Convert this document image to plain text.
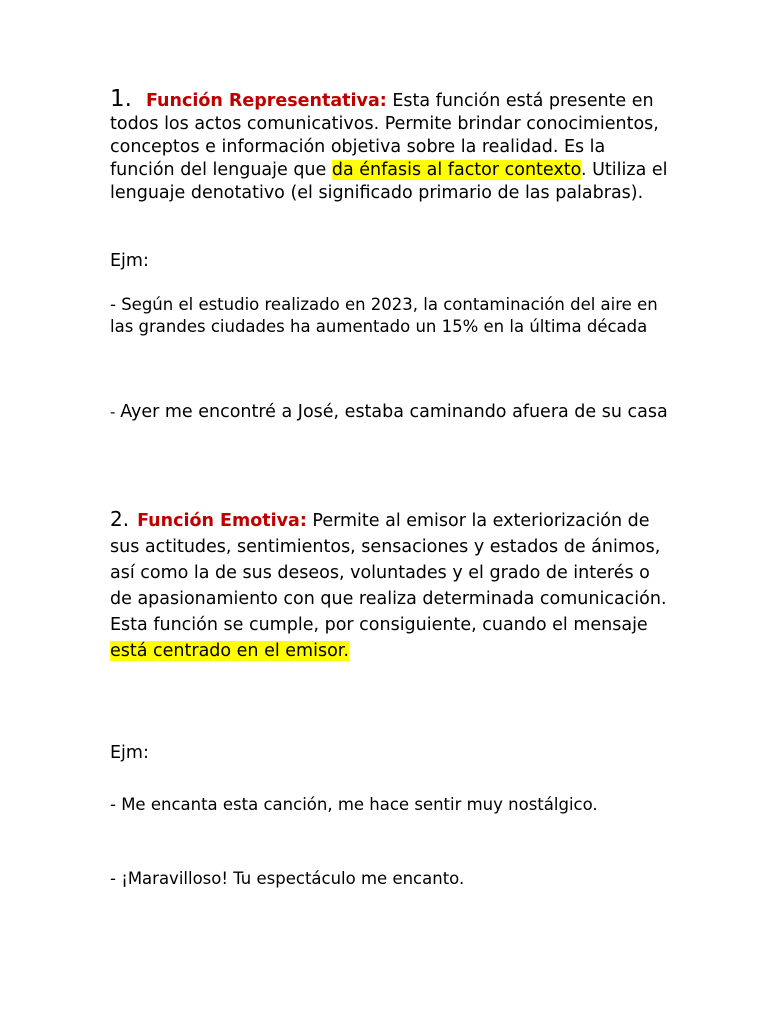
1. Función Representativa: Esta función está presente en todos los actos comunicativos. Permite brindar conocimientos, conceptos e información objetiva sobre la realidad. Es la función del lenguaje que da énfasis al factor contexto. Utiliza el lenguaje denotativo (el significado primario de las palabras).
Ejm:
- Según el estudio realizado en 2023, la contaminación del aire en las grandes ciudades ha aumentado un 15% en la última década
- Ayer me encontré a José, estaba caminando afuera de su casa
2. Función Emotiva: Permite al emisor la exteriorización de sus actitudes, sentimientos, sensaciones y estados de ánimos, así como la de sus deseos, voluntades y el grado de interés o de apasionamiento con que realiza determinada comunicación. Esta función se cumple, por consiguiente, cuando el mensaje está centrado en el emisor.
Ejm:
- Me encanta esta canción, me hace sentir muy nostálgico.
- ¡Maravilloso! Tu espectáculo me encanto.
